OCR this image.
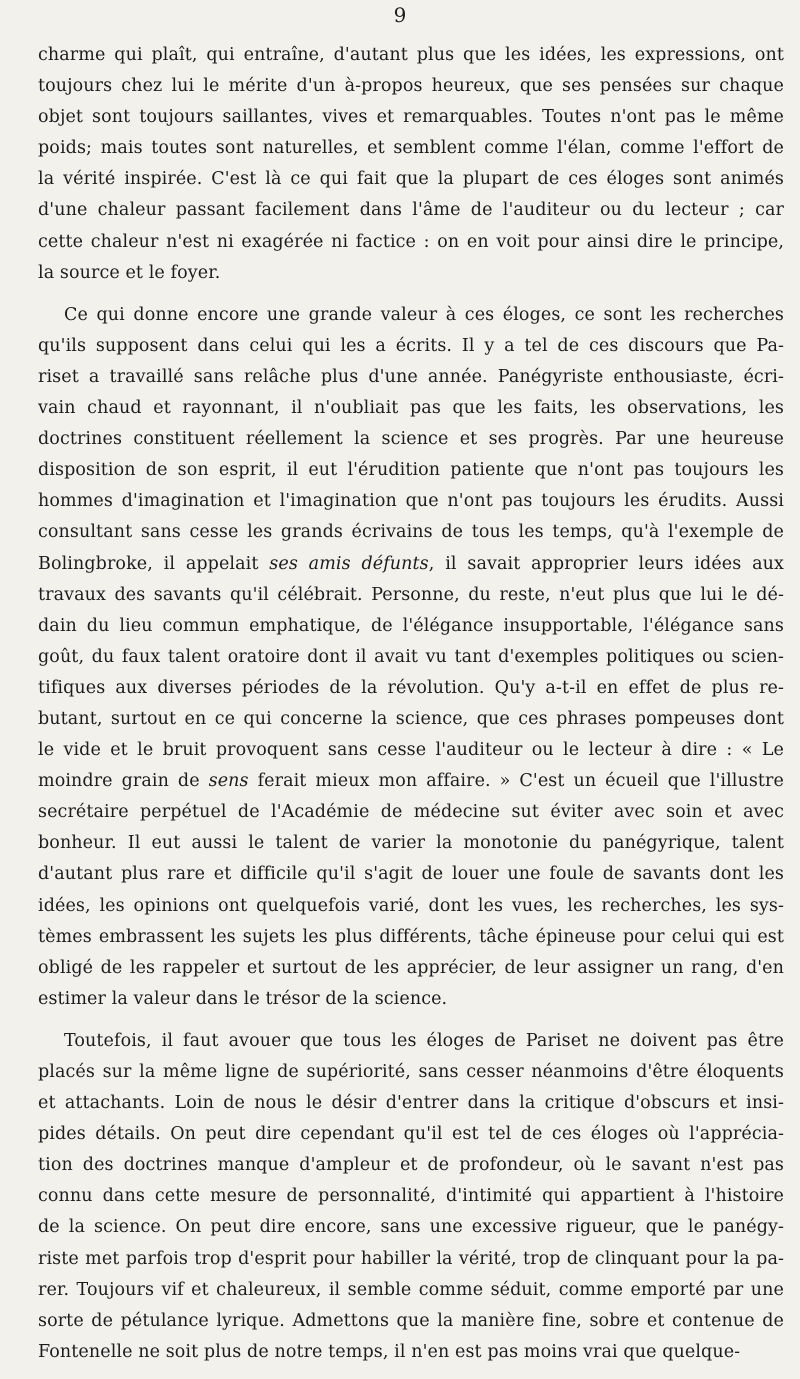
9
charme qui plaît, qui entraîne, d'autant plus que les idées, les expressions, ont
toujours chez lui le mérite d'un à-propos heureux, que ses pensées sur chaque
objet sont toujours saillantes, vives et remarquables. Toutes n'ont pas le même
poids; mais toutes sont naturelles, et semblent comme l'élan, comme l'effort de
la vérité inspirée. C'est là ce qui fait que la plupart de ces éloges sont animés
d'une chaleur passant facilement dans l'âme de l'auditeur ou du lecteur ; car
cette chaleur n'est ni exagérée ni factice : on en voit pour ainsi dire le principe,
la source et le foyer.
Ce qui donne encore une grande valeur à ces éloges, ce sont les recherches
qu'ils supposent dans celui qui les a écrits. Il y a tel de ces discours que Pa-
riset a travaillé sans relâche plus d'une année. Panégyriste enthousiaste, écri-
vain chaud et rayonnant, il n'oubliait pas que les faits, les observations, les
doctrines constituent réellement la science et ses progrès. Par une heureuse
disposition de son esprit, il eut l'érudition patiente que n'ont pas toujours les
hommes d'imagination et l'imagination que n'ont pas toujours les érudits. Aussi
consultant sans cesse les grands écrivains de tous les temps, qu'à l'exemple de
Bolingbroke, il appelait ses amis défunts, il savait approprier leurs idées aux
travaux des savants qu'il célébrait. Personne, du reste, n'eut plus que lui le dé-
dain du lieu commun emphatique, de l'élégance insupportable, l'élégance sans
goût, du faux talent oratoire dont il avait vu tant d'exemples politiques ou scien-
tifiques aux diverses périodes de la révolution. Qu'y a-t-il en effet de plus re-
butant, surtout en ce qui concerne la science, que ces phrases pompeuses dont
le vide et le bruit provoquent sans cesse l'auditeur ou le lecteur à dire : « Le
moindre grain de sens ferait mieux mon affaire. » C'est un écueil que l'illustre
secrétaire perpétuel de l'Académie de médecine sut éviter avec soin et avec
bonheur. Il eut aussi le talent de varier la monotonie du panégyrique, talent
d'autant plus rare et difficile qu'il s'agit de louer une foule de savants dont les
idées, les opinions ont quelquefois varié, dont les vues, les recherches, les sys-
tèmes embrassent les sujets les plus différents, tâche épineuse pour celui qui est
obligé de les rappeler et surtout de les apprécier, de leur assigner un rang, d'en
estimer la valeur dans le trésor de la science.
Toutefois, il faut avouer que tous les éloges de Pariset ne doivent pas être
placés sur la même ligne de supériorité, sans cesser néanmoins d'être éloquents
et attachants. Loin de nous le désir d'entrer dans la critique d'obscurs et insi-
pides détails. On peut dire cependant qu'il est tel de ces éloges où l'apprécia-
tion des doctrines manque d'ampleur et de profondeur, où le savant n'est pas
connu dans cette mesure de personnalité, d'intimité qui appartient à l'histoire
de la science. On peut dire encore, sans une excessive rigueur, que le panégy-
riste met parfois trop d'esprit pour habiller la vérité, trop de clinquant pour la pa-
rer. Toujours vif et chaleureux, il semble comme séduit, comme emporté par une
sorte de pétulance lyrique. Admettons que la manière fine, sobre et contenue de
Fontenelle ne soit plus de notre temps, il n'en est pas moins vrai que quelque-
